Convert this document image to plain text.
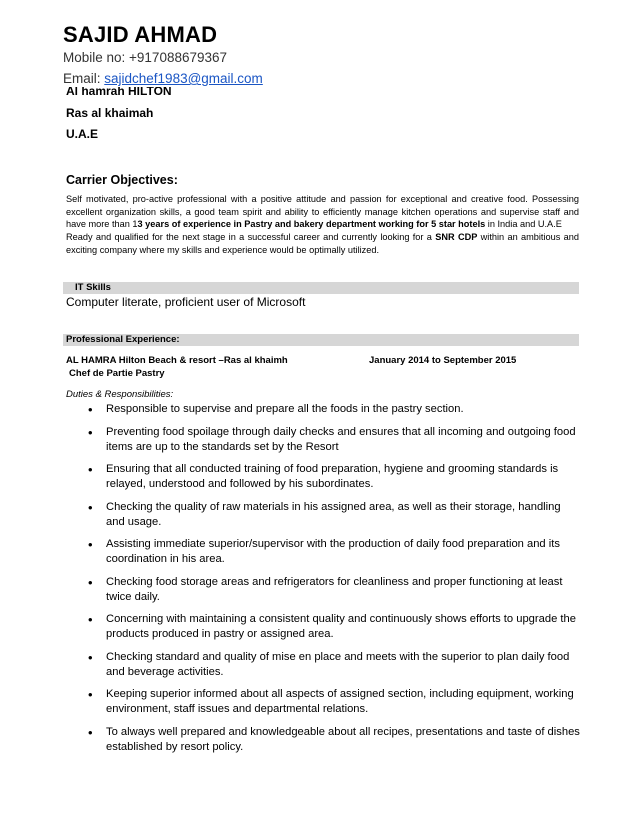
SAJID AHMAD
Mobile no: +917088679367
Email: sajidchef1983@gmail.com
Al hamrah HILTON
Ras al khaimah
U.A.E
Carrier Objectives:
Self motivated, pro-active professional with a positive attitude and passion for exceptional and creative food. Possessing excellent organization skills, a good team spirit and ability to efficiently manage kitchen operations and supervise staff and have more than 13 years of experience in Pastry and bakery department working for 5 star hotels in India and U.A.E
Ready and qualified for the next stage in a successful career and currently looking for a SNR CDP within an ambitious and exciting company where my skills and experience would be optimally utilized.
IT Skills
Computer literate, proficient user of Microsoft
Professional Experience:
AL HAMRA Hilton Beach & resort –Ras al khaimh	January 2014 to September 2015
Chef de Partie Pastry
Duties & Responsibilities:
• Responsible to supervise and prepare all the foods in the pastry section.
• Preventing food spoilage through daily checks and ensures that all incoming and outgoing food items are up to the standards set by the Resort
• Ensuring that all conducted training of food preparation, hygiene and grooming standards is relayed, understood and followed by his subordinates.
• Checking the quality of raw materials in his assigned area, as well as their storage, handling and usage.
• Assisting immediate superior/supervisor with the production of daily food preparation and its coordination in his area.
• Checking food storage areas and refrigerators for cleanliness and proper functioning at least twice daily.
• Concerning with maintaining a consistent quality and continuously shows efforts to upgrade the products produced in pastry or assigned area.
• Checking standard and quality of mise en place and meets with the superior to plan daily food and beverage activities.
• Keeping superior informed about all aspects of assigned section, including equipment, working environment, staff issues and departmental relations.
• To always well prepared and knowledgeable about all recipes, presentations and taste of dishes established by resort policy.
